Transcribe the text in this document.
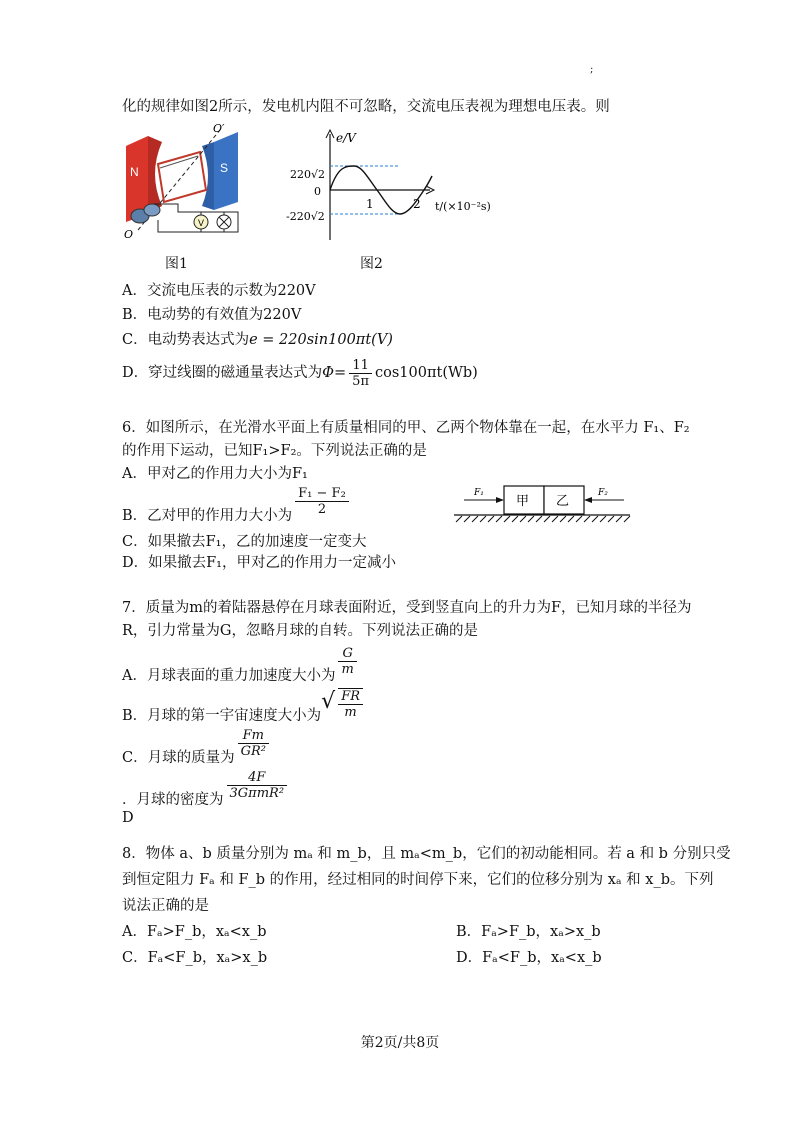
;
化的规律如图2所示，发电机内阻不可忽略，交流电压表视为理想电压表。则
N	S
O′
O
V
图1
e/V
t/(×10⁻²s)
220√2
0
-220√2
1	2
图2
A．交流电压表的示数为220V
B．电动势的有效值为220V
C．电动势表达式为e = 220sin100πt(V)
D．穿过线圈的磁通量表达式为$\Phi= \frac{11}{5\pi} \cos 100\pi t(Wb)$
6．如图所示，在光滑水平面上有质量相同的甲、乙两个物体靠在一起，在水平力 F₁、F₂
的作用下运动，已知F₁>F₂。下列说法正确的是
A．甲对乙的作用力大小为F₁
B．乙对甲的作用力大小为 $\frac{\text{F₁ − F₂}}{2}$
C．如果撤去F₁，乙的加速度一定变大
D．如果撤去F₁，甲对乙的作用力一定减小
甲 乙
F₁	F₂
7．质量为m的着陆器悬停在月球表面附近，受到竖直向上的升力为F，已知月球的半径为
R，引力常量为G，忽略月球的自转。下列说法正确的是
A．月球表面的重力加速度大小为 $\frac{G}{m}$
B．月球的第一宇宙速度大小为√ $\frac{FR}{m}$
C．月球的质量为 $\frac{Fm}{\text{GR²}}$
．月球的密度为 $\frac{4F}{\text{3GπmR²}}$
D
8．物体 a、b 质量分别为 mₐ 和 m_b，且 mₐ<m_b，它们的初动能相同。若 a 和 b 分别只受
到恒定阻力 Fₐ 和 F_b 的作用，经过相同的时间停下来，它们的位移分别为 xₐ 和 x_b。下列
说法正确的是
A．Fₐ>F_b，xₐ<x_b	B．Fₐ>F_b，xₐ>x_b
C．Fₐ<F_b，xₐ>x_b	D．Fₐ<F_b，xₐ<x_b
第2页/共8页
